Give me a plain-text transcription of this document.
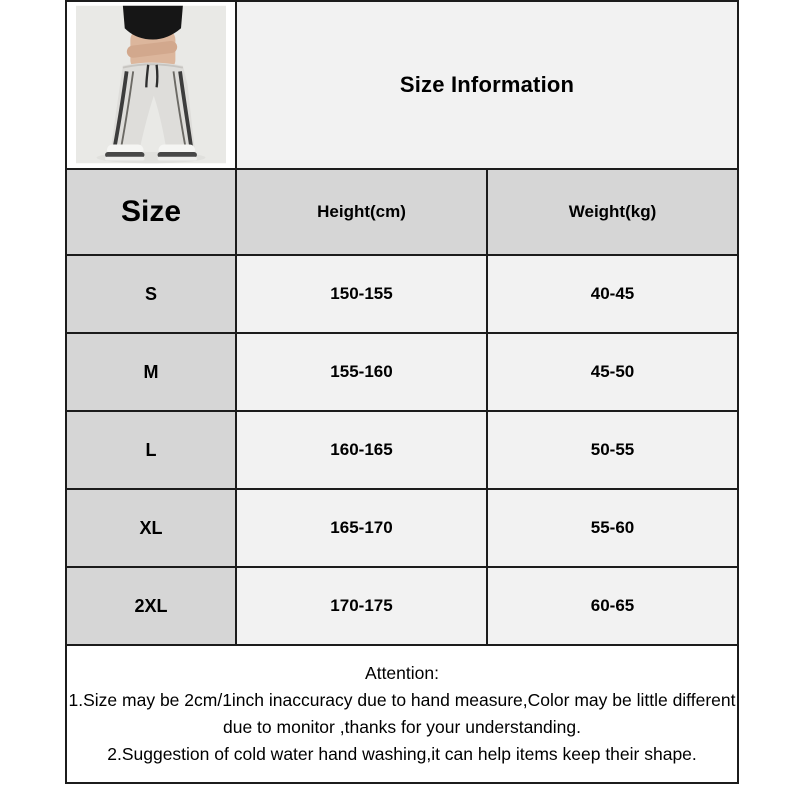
	Size Information	
Size	Height(cm)	Weight(kg)
S	150-155	40-45
M	155-160	45-50
L	160-165	50-55
XL	165-170	55-60
2XL	170-175	60-65

Attention:
1.Size may be 2cm/1inch inaccuracy due to hand measure,Color may be little different due to monitor ,thanks for your understanding.
2.Suggestion of cold water hand washing,it can help items keep their shape.		
